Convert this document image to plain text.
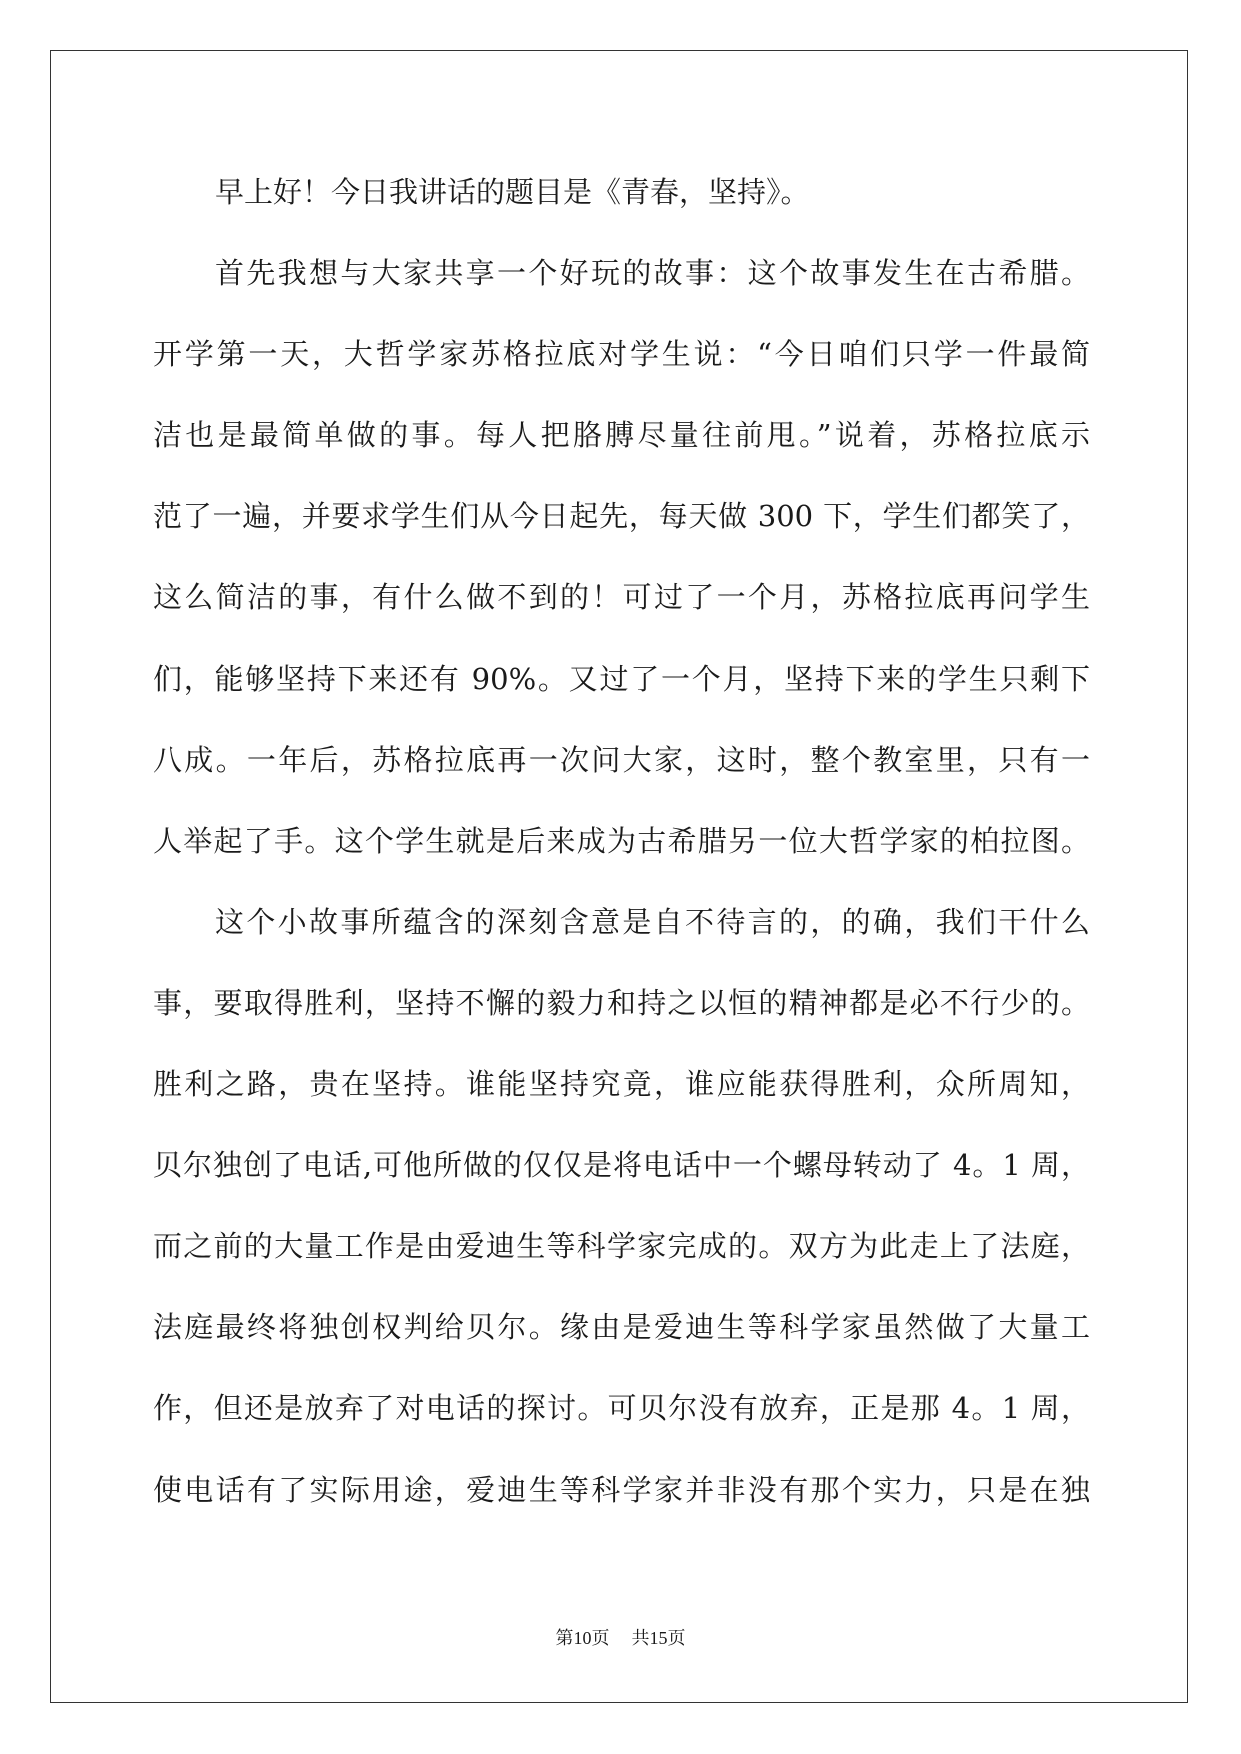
早上好！今日我讲话的题目是《青春，坚持》。
首先我想与大家共享一个好玩的故事：这个故事发生在古希腊。
开学第一天，大哲学家苏格拉底对学生说：“今日咱们只学一件最简
洁也是最简单做的事。每人把胳膊尽量往前甩。”说着，苏格拉底示
范了一遍，并要求学生们从今日起先，每天做 300 下，学生们都笑了，
这么简洁的事，有什么做不到的！可过了一个月，苏格拉底再问学生
们，能够坚持下来还有 90%。又过了一个月，坚持下来的学生只剩下
八成。一年后，苏格拉底再一次问大家，这时，整个教室里，只有一
人举起了手。这个学生就是后来成为古希腊另一位大哲学家的柏拉图。
这个小故事所蕴含的深刻含意是自不待言的，的确，我们干什么
事，要取得胜利，坚持不懈的毅力和持之以恒的精神都是必不行少的。
胜利之路，贵在坚持。谁能坚持究竟，谁应能获得胜利，众所周知，
贝尔独创了电话,可他所做的仅仅是将电话中一个螺母转动了 4。1 周，
而之前的大量工作是由爱迪生等科学家完成的。双方为此走上了法庭，
法庭最终将独创权判给贝尔。缘由是爱迪生等科学家虽然做了大量工
作，但还是放弃了对电话的探讨。可贝尔没有放弃，正是那 4。1 周，
使电话有了实际用途，爱迪生等科学家并非没有那个实力，只是在独
第10页 共15页
